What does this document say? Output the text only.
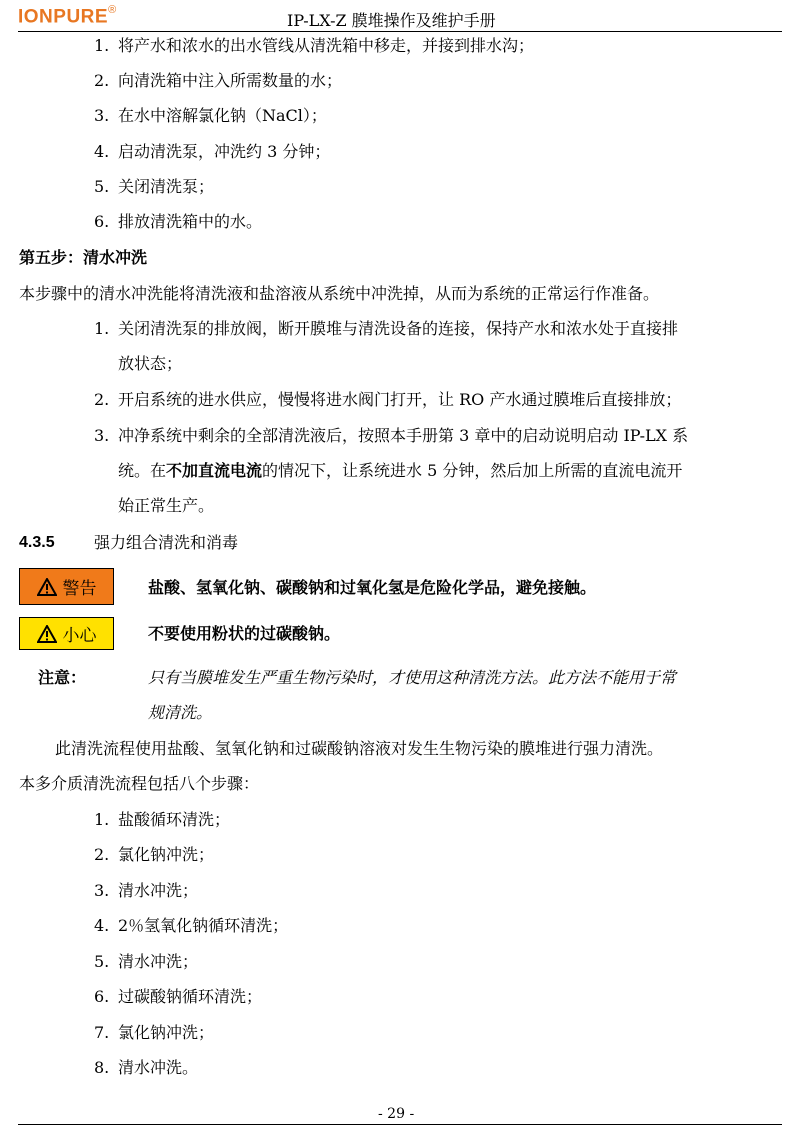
IONPURE®
IP-LX-Z 膜堆操作及维护手册
1. 将产水和浓水的出水管线从清洗箱中移走，并接到排水沟；
2. 向清洗箱中注入所需数量的水；
3. 在水中溶解氯化钠（NaCl）；
4. 启动清洗泵，冲洗约 3 分钟；
5. 关闭清洗泵；
6. 排放清洗箱中的水。
第五步：清水冲洗
本步骤中的清水冲洗能将清洗液和盐溶液从系统中冲洗掉，从而为系统的正常运行作准备。
1. 关闭清洗泵的排放阀，断开膜堆与清洗设备的连接，保持产水和浓水处于直接排
放状态；
2. 开启系统的进水供应，慢慢将进水阀门打开，让 RO 产水通过膜堆后直接排放；
3. 冲净系统中剩余的全部清洗液后，按照本手册第 3 章中的启动说明启动 IP-LX 系
统。在不加直流电流的情况下，让系统进水 5 分钟，然后加上所需的直流电流开
始正常生产。
4.3.5 强力组合清洗和消毒
警告	盐酸、氢氧化钠、碳酸钠和过氧化氢是危险化学品，避免接触。
小心	不要使用粉状的过碳酸钠。
注意：	只有当膜堆发生严重生物污染时，才使用这种清洗方法。此方法不能用于常
规清洗。
此清洗流程使用盐酸、氢氧化钠和过碳酸钠溶液对发生生物污染的膜堆进行强力清洗。
本多介质清洗流程包括八个步骤：
1. 盐酸循环清洗；
2. 氯化钠冲洗；
3. 清水冲洗；
4. 2％氢氧化钠循环清洗；
5. 清水冲洗；
6. 过碳酸钠循环清洗；
7. 氯化钠冲洗；
8. 清水冲洗。
- 29 -
